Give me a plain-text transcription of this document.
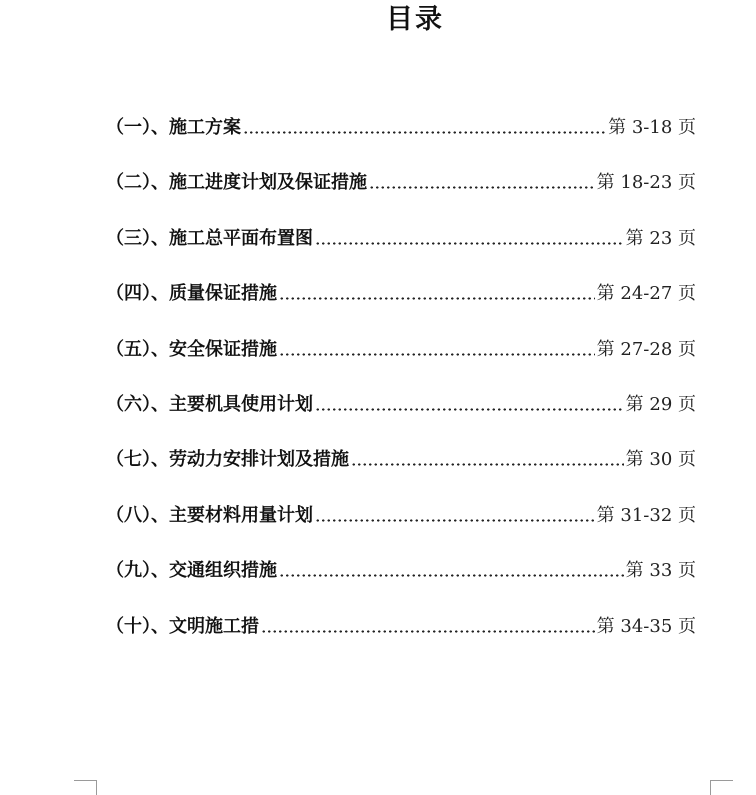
目录
（一）、 施工方案	第 3-18 页
（二）、 施工进度计划及保证措施	第 18-23 页
（三）、 施工总平面布置图	第 23 页
（四）、 质量保证措施	第 24-27 页
（五）、 安全保证措施	第 27-28 页
（六）、 主要机具使用计划	第 29 页
（七）、 劳动力安排计划及措施	第 30 页
（八）、 主要材料用量计划	第 31-32 页
（九）、 交通组织措施	第 33 页
（十）、 文明施工措	第 34-35 页
